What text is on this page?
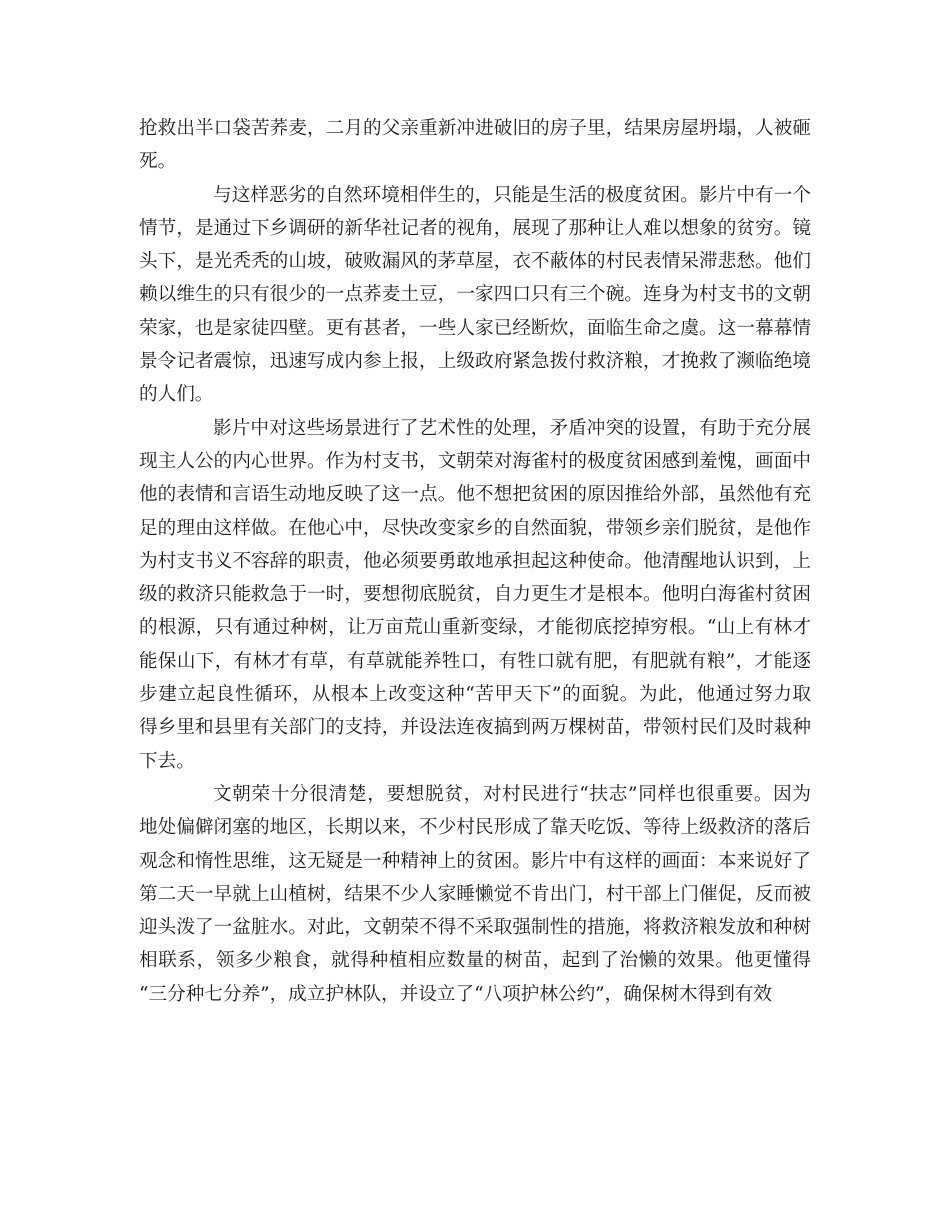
抢救出半口袋苦荞麦，二月的父亲重新冲进破旧的房子里，结果房屋坍塌，人被砸
死。
与这样恶劣的自然环境相伴生的，只能是生活的极度贫困。影片中有一个
情节，是通过下乡调研的新华社记者的视角，展现了那种让人难以想象的贫穷。镜
头下，是光秃秃的山坡，破败漏风的茅草屋，衣不蔽体的村民表情呆滞悲愁。他们
赖以维生的只有很少的一点荞麦土豆，一家四口只有三个碗。连身为村支书的文朝
荣家，也是家徒四壁。更有甚者，一些人家已经断炊，面临生命之虞。这一幕幕情
景令记者震惊，迅速写成内参上报，上级政府紧急拨付救济粮，才挽救了濒临绝境
的人们。
影片中对这些场景进行了艺术性的处理，矛盾冲突的设置，有助于充分展
现主人公的内心世界。作为村支书，文朝荣对海雀村的极度贫困感到羞愧，画面中
他的表情和言语生动地反映了这一点。他不想把贫困的原因推给外部，虽然他有充
足的理由这样做。在他心中，尽快改变家乡的自然面貌，带领乡亲们脱贫，是他作
为村支书义不容辞的职责，他必须要勇敢地承担起这种使命。他清醒地认识到，上
级的救济只能救急于一时，要想彻底脱贫，自力更生才是根本。他明白海雀村贫困
的根源，只有通过种树，让万亩荒山重新变绿，才能彻底挖掉穷根。“山上有林才
能保山下，有林才有草，有草就能养牲口，有牲口就有肥，有肥就有粮”，才能逐
步建立起良性循环，从根本上改变这种“苦甲天下”的面貌。为此，他通过努力取
得乡里和县里有关部门的支持，并设法连夜搞到两万棵树苗，带领村民们及时栽种
下去。
文朝荣十分很清楚，要想脱贫，对村民进行“扶志”同样也很重要。因为
地处偏僻闭塞的地区，长期以来，不少村民形成了靠天吃饭、等待上级救济的落后
观念和惰性思维，这无疑是一种精神上的贫困。影片中有这样的画面：本来说好了
第二天一早就上山植树，结果不少人家睡懒觉不肯出门，村干部上门催促，反而被
迎头泼了一盆脏水。对此，文朝荣不得不采取强制性的措施，将救济粮发放和种树
相联系，领多少粮食，就得种植相应数量的树苗，起到了治懒的效果。他更懂得
“三分种七分养”，成立护林队，并设立了“八项护林公约”，确保树木得到有效
